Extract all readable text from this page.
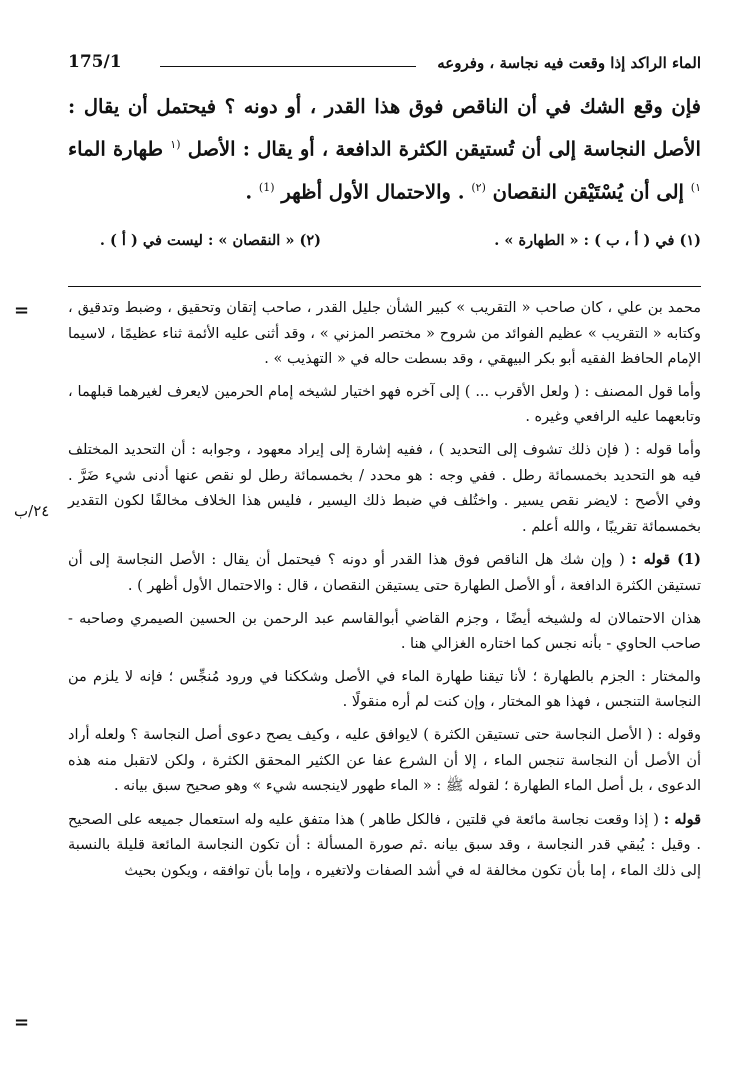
الماء الراكد إذا وقعت فيه نجاسة ، وفروعه
175/1
فإن وقع الشك في أن الناقص فوق هذا القدر ، أو دونه ؟ فيحتمل أن يقال : الأصل النجاسة إلى أن تُستيقن الكثرة الدافعة ، أو يقال : الأصل $^{(١}$ طهارة الماء $^{١)}$ إلى أن يُسْتَيْقن النقصان $^{(٢)}$ . والاحتمال الأول أظهر $^{(1)}$ .
(١) في ( أ ، ب ) : « الطهارة » .
(٢) « النقصان » : ليست في ( أ ) .
=
٢٤/ب
=

محمد بن علي ، كان صاحب « التقريب » كبير الشأن جليل القدر ، صاحب إتقان وتحقيق ، وضبط وتدقيق ، وكتابه « التقريب » عظيم الفوائد من شروح « مختصر المزني » ، وقد أثنى عليه الأئمة ثناء عظيمًا ، لاسيما الإمام الحافظ الفقيه أبو بكر البيهقي ، وقد بسطت حاله في « التهذيب » .

وأما قول المصنف : ( ولعل الأقرب ... ) إلى آخره فهو اختيار لشيخه إمام الحرمين لايعرف لغيرهما قبلهما ، وتابعهما عليه الرافعي وغيره .

وأما قوله : ( فإن ذلك تشوف إلى التحديد ) ، ففيه إشارة إلى إيراد معهود ، وجوابه : أن التحديد المختلف فيه هو التحديد بخمسمائة رطل . ففي وجه : هو محدد / بخمسمائة رطل لو نقص عنها أدنى شيء ضَرَّ . وفي الأصح : لايضر نقص يسير . واختُلف في ضبط ذلك اليسير ، فليس هذا الخلاف مخالفًا لكون التقدير بخمسمائة تقريبًا ، والله أعلم .

(1) قوله : ( وإن شك هل الناقص فوق هذا القدر أو دونه ؟ فيحتمل أن يقال : الأصل النجاسة إلى أن تستيقن الكثرة الدافعة ، أو الأصل الطهارة حتى يستيقن النقصان ، قال : والاحتمال الأول أظهر ) .

هذان الاحتمالان له ولشيخه أيضًا ، وجزم القاضي أبوالقاسم عبد الرحمن بن الحسين الصيمري وصاحبه - صاحب الحاوي - بأنه نجس كما اختاره الغزالي هنا .

والمختار : الجزم بالطهارة ؛ لأنا تيقنا طهارة الماء في الأصل وشككنا في ورود مُنجِّس ؛ فإنه لا يلزم من النجاسة التنجس ، فهذا هو المختار ، وإن كنت لم أره منقولًا .

وقوله : ( الأصل النجاسة حتى تستيقن الكثرة ) لايوافق عليه ، وكيف يصح دعوى أصل النجاسة ؟ ولعله أراد أن الأصل أن النجاسة تنجس الماء ، إلا أن الشرع عفا عن الكثير المحقق الكثرة ، ولكن لاتقبل منه هذه الدعوى ، بل أصل الماء الطهارة ؛ لقوله ﷺ : « الماء طهور لاينجسه شيء » وهو صحيح سبق بيانه .

قوله : ( إذا وقعت نجاسة مائعة في قلتين ، فالكل طاهر ) هذا متفق عليه وله استعمال جميعه على الصحيح . وقيل : يُبقي قدر النجاسة ، وقد سبق بيانه .ثم صورة المسألة : أن تكون النجاسة المائعة قليلة بالنسبة إلى ذلك الماء ، إما بأن تكون مخالفة له في أشد الصفات ولاتغيره ، وإما بأن توافقه ، ويكون بحيث
